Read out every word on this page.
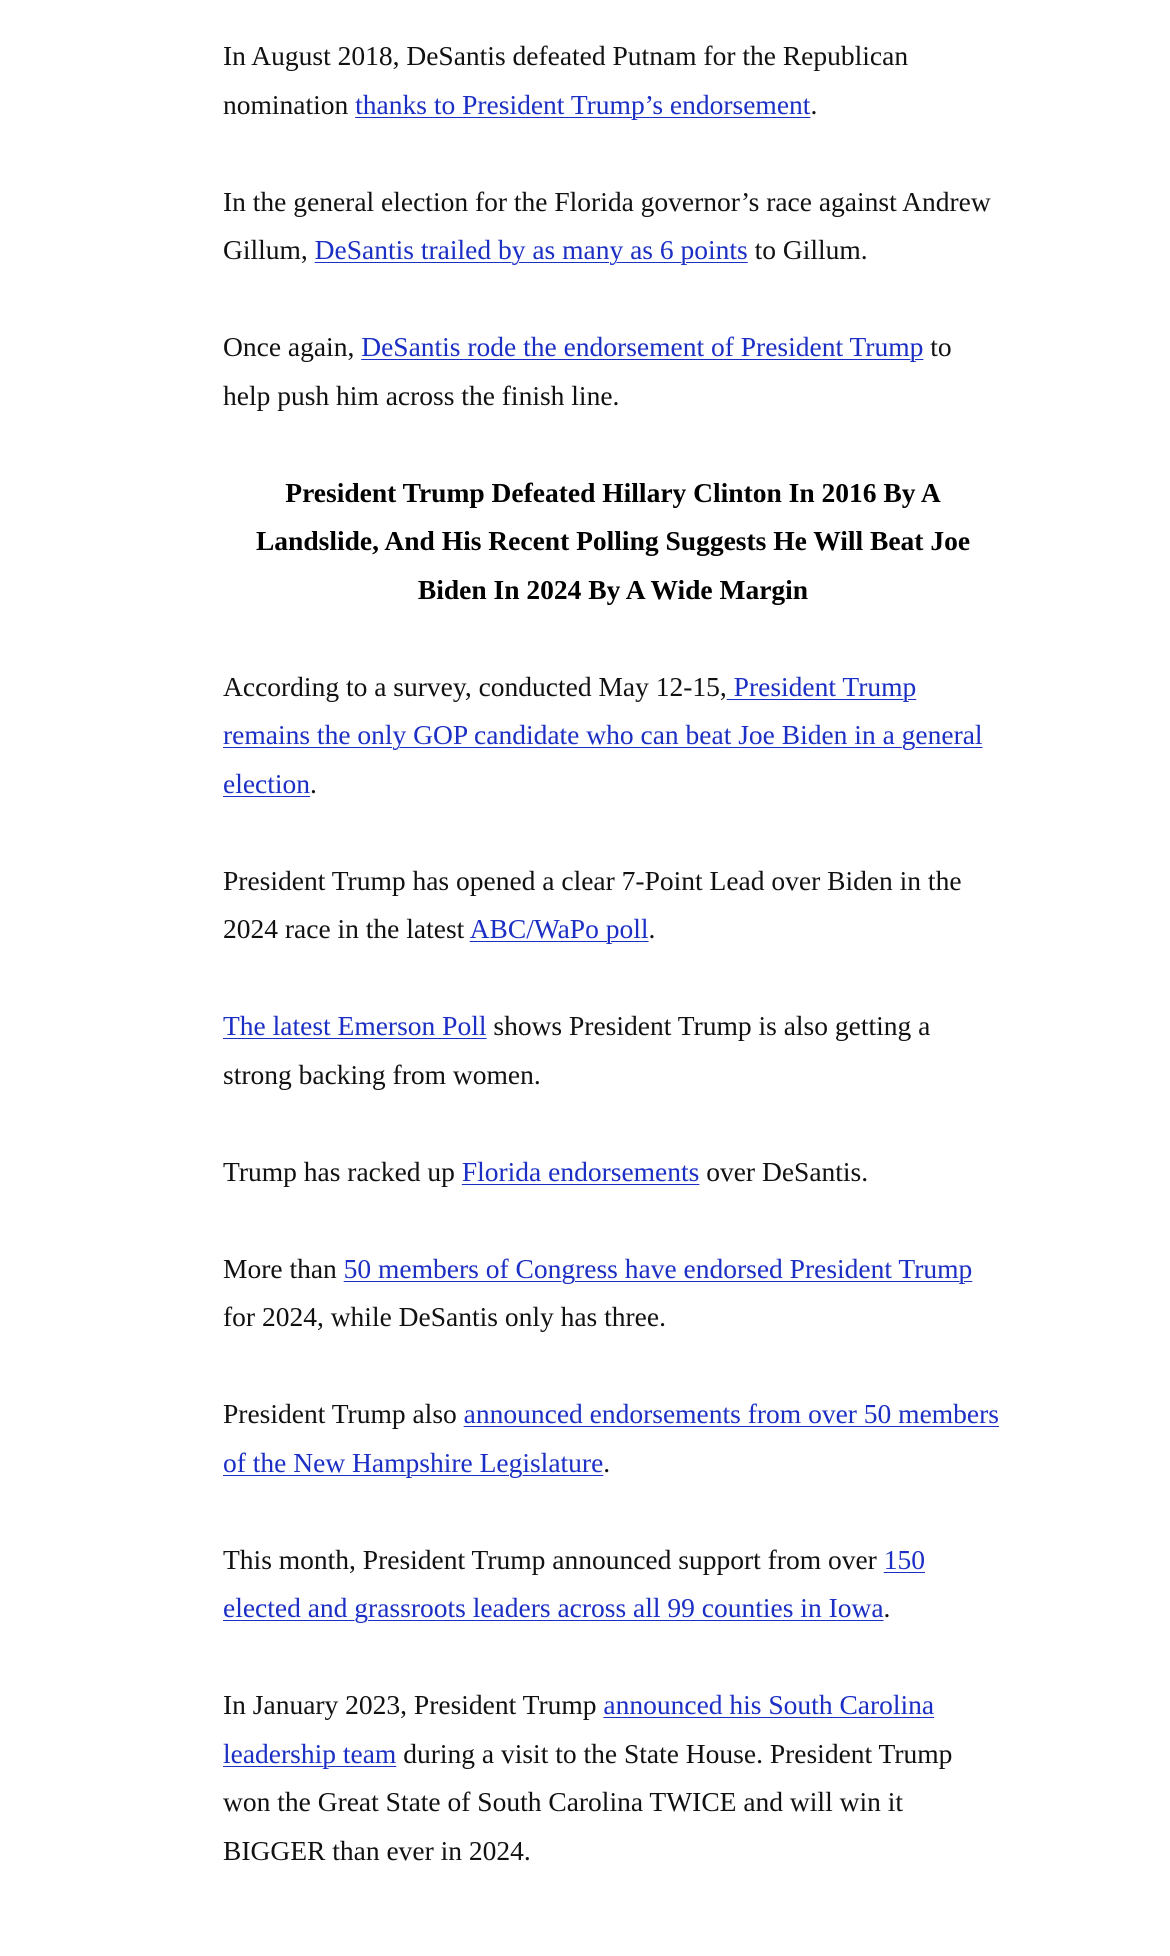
In August 2018, DeSantis defeated Putnam for the Republican nomination thanks to President Trump’s endorsement.

In the general election for the Florida governor’s race against Andrew Gillum, DeSantis trailed by as many as 6 points to Gillum.

Once again, DeSantis rode the endorsement of President Trump to help push him across the finish line.

President Trump Defeated Hillary Clinton In 2016 By A Landslide, And His Recent Polling Suggests He Will Beat Joe Biden In 2024 By A Wide Margin

According to a survey, conducted May 12-15, President Trump remains the only GOP candidate who can beat Joe Biden in a general election.

President Trump has opened a clear 7-Point Lead over Biden in the 2024 race in the latest ABC/WaPo poll.

The latest Emerson Poll shows President Trump is also getting a strong backing from women.

Trump has racked up Florida endorsements over DeSantis.

More than 50 members of Congress have endorsed President Trump for 2024, while DeSantis only has three.

President Trump also announced endorsements from over 50 members of the New Hampshire Legislature.

This month, President Trump announced support from over 150 elected and grassroots leaders across all 99 counties in Iowa.

In January 2023, President Trump announced his South Carolina leadership team during a visit to the State House. President Trump won the Great State of South Carolina TWICE and will win it BIGGER than ever in 2024.
